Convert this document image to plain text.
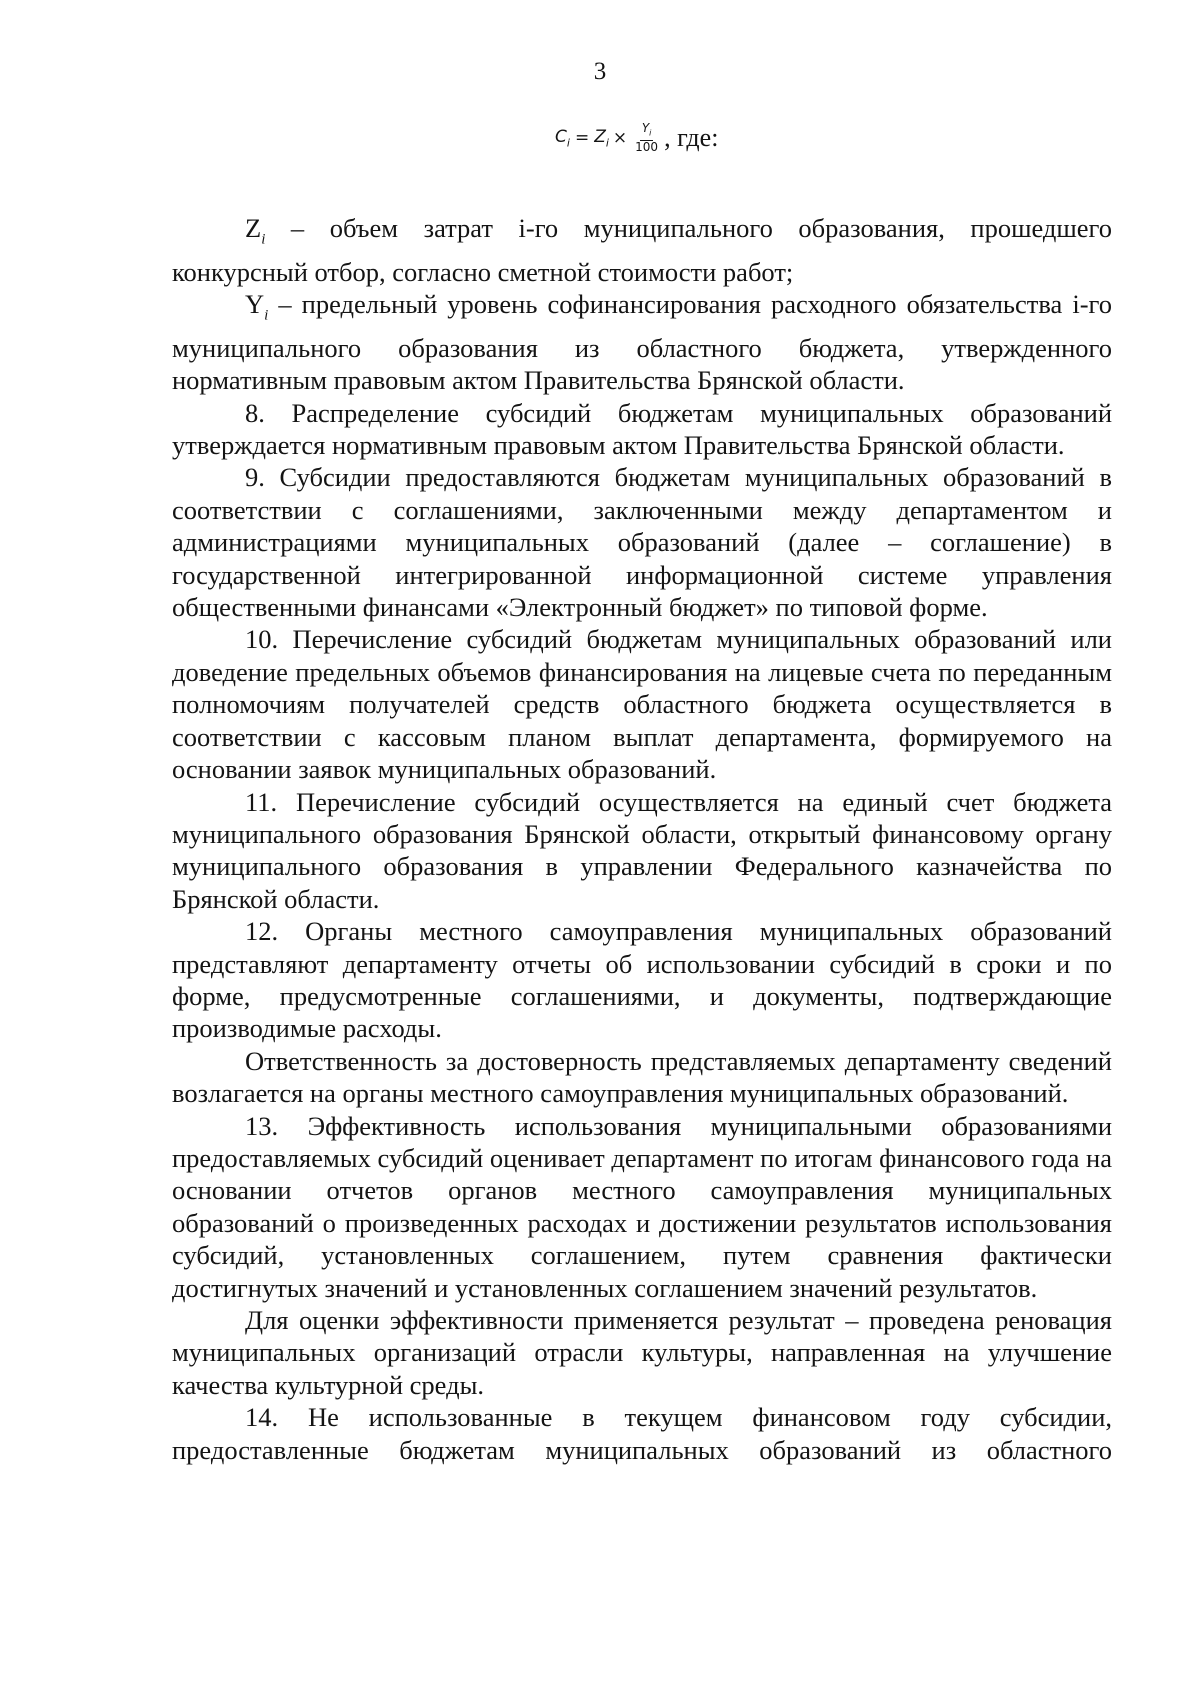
3
$C_i = Z_i \times \frac{Y_i}{100}$ , где:

$Z_i$ – объем затрат i-го муниципального образования, прошедшего конкурсный отбор, согласно сметной стоимости работ;

$Y_i$ – предельный уровень софинансирования расходного обязательства i-го муниципального образования из областного бюджета, утвержденного нормативным правовым актом Правительства Брянской области.

8. Распределение субсидий бюджетам муниципальных образований утверждается нормативным правовым актом Правительства Брянской области.

9. Субсидии предоставляются бюджетам муниципальных образований в соответствии с соглашениями, заключенными между департаментом и администрациями муниципальных образований (далее – соглашение) в государственной интегрированной информационной системе управления общественными финансами «Электронный бюджет» по типовой форме.

10. Перечисление субсидий бюджетам муниципальных образований или доведение предельных объемов финансирования на лицевые счета по переданным полномочиям получателей средств областного бюджета осуществляется в соответствии с кассовым планом выплат департамента, формируемого на основании заявок муниципальных образований.

11. Перечисление субсидий осуществляется на единый счет бюджета муниципального образования Брянской области, открытый финансовому органу муниципального образования в управлении Федерального казначейства по Брянской области.

12. Органы местного самоуправления муниципальных образований представляют департаменту отчеты об использовании субсидий в сроки и по форме, предусмотренные соглашениями, и документы, подтверждающие производимые расходы.

Ответственность за достоверность представляемых департаменту сведений возлагается на органы местного самоуправления муниципальных образований.

13. Эффективность использования муниципальными образованиями предоставляемых субсидий оценивает департамент по итогам финансового года на основании отчетов органов местного самоуправления муниципальных образований о произведенных расходах и достижении результатов использования субсидий, установленных соглашением, путем сравнения фактически достигнутых значений и установленных соглашением значений результатов.

Для оценки эффективности применяется результат – проведена реновация муниципальных организаций отрасли культуры, направленная на улучшение качества культурной среды.

14. Не использованные в текущем финансовом году субсидии, предоставленные бюджетам муниципальных образований из областного
